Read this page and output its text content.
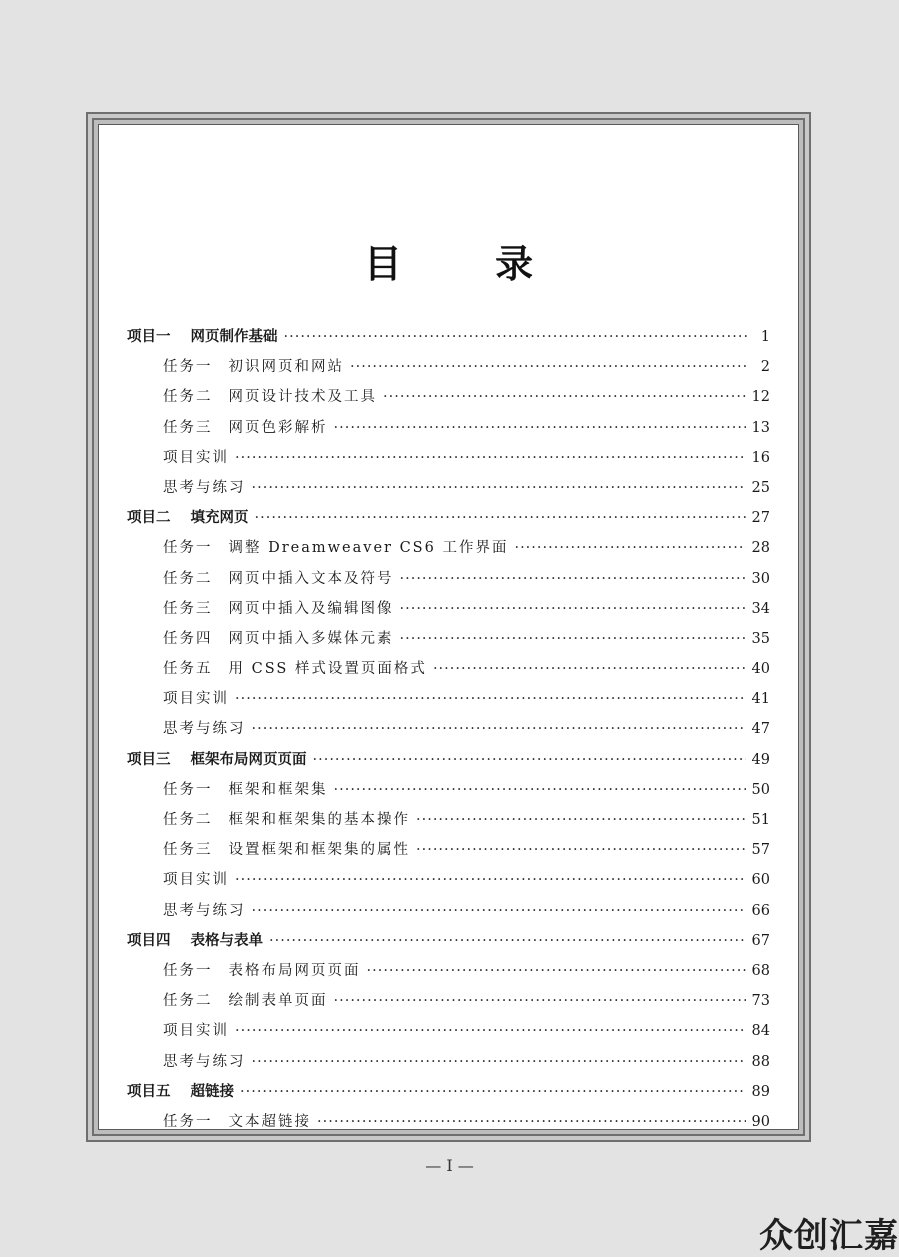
目 录
项目一 网页制作基础 ·····	1
任务一 初识网页和网站 ·····	2
任务二 网页设计技术及工具 ·····	12
任务三 网页色彩解析 ·····	13
项目实训 ·····	16
思考与练习 ·····	25
项目二 填充网页 ·····	27
任务一 调整 Dreamweaver CS6 工作界面 ·····	28
任务二 网页中插入文本及符号 ·····	30
任务三 网页中插入及编辑图像 ·····	34
任务四 网页中插入多媒体元素 ·····	35
任务五 用 CSS 样式设置页面格式 ·····	40
项目实训 ·····	41
思考与练习 ·····	47
项目三 框架布局网页页面 ·····	49
任务一 框架和框架集 ·····	50
任务二 框架和框架集的基本操作 ·····	51
任务三 设置框架和框架集的属性 ·····	57
项目实训 ·····	60
思考与练习 ·····	66
项目四 表格与表单 ·····	67
任务一 表格布局网页页面 ·····	68
任务二 绘制表单页面 ·····	73
项目实训 ·····	84
思考与练习 ·····	88
项目五 超链接 ·····	89
任务一 文本超链接 ·····	90
— I —
众创汇嘉
